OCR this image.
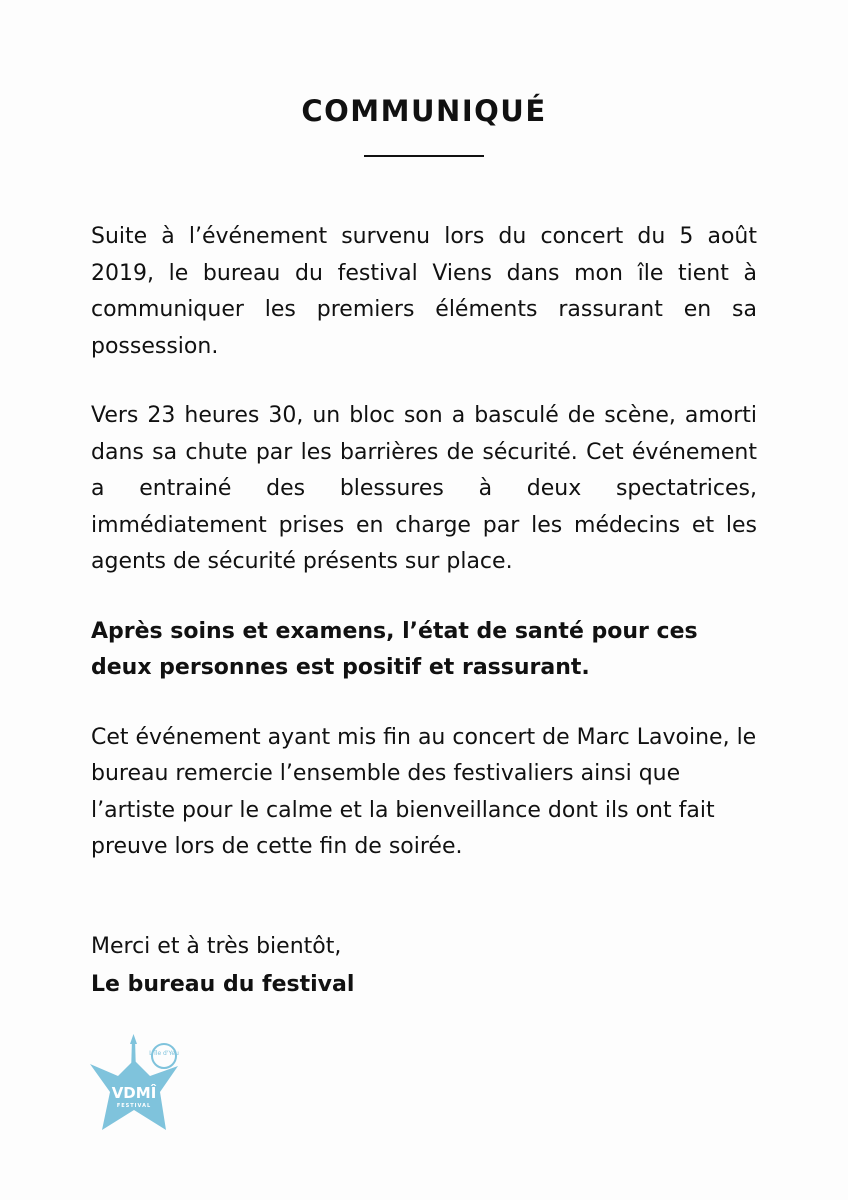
COMMUNIQUÉ

Suite à l’événement survenu lors du concert du 5 août 2019, le bureau du festival Viens dans mon île tient à communiquer les premiers éléments rassurant en sa possession.

Vers 23 heures 30, un bloc son a basculé de scène, amorti dans sa chute par les barrières de sécurité. Cet événement a entrainé des blessures à deux spectatrices, immédiatement prises en charge par les médecins et les agents de sécurité présents sur place.

Après soins et examens, l’état de santé pour ces deux personnes est positif et rassurant.

Cet événement ayant mis fin au concert de Marc Lavoine, le bureau remercie l’ensemble des festivaliers ainsi que l’artiste pour le calme et la bienveillance dont ils ont fait preuve lors de cette fin de soirée.

Merci et à très bientôt,
Le bureau du festival
L'île d'Yeu
VDMÎ
FESTIVAL
